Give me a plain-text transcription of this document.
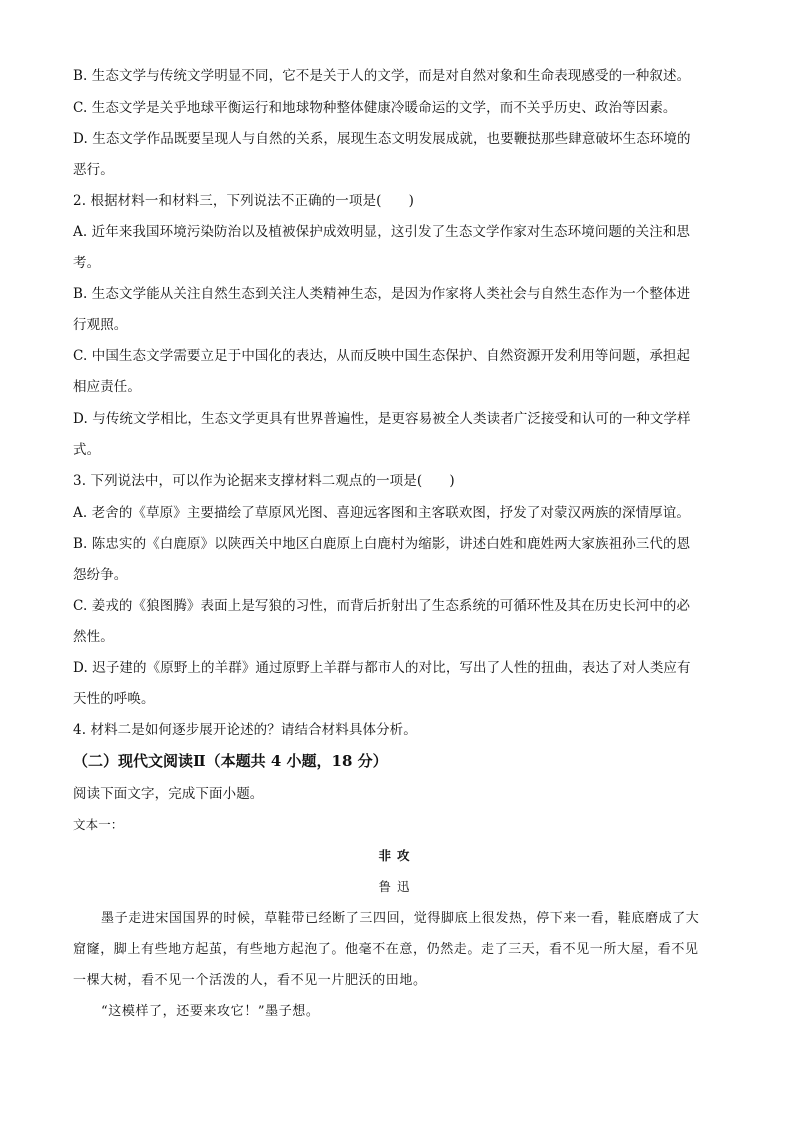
B. 生态文学与传统文学明显不同，它不是关于人的文学，而是对自然对象和生命表现感受的一种叙述。
C. 生态文学是关乎地球平衡运行和地球物种整体健康冷暖命运的文学，而不关乎历史、政治等因素。
D. 生态文学作品既要呈现人与自然的关系，展现生态文明发展成就，也要鞭挞那些肆意破坏生态环境的
恶行。
2. 根据材料一和材料三，下列说法不正确的一项是(　　)
A. 近年来我国环境污染防治以及植被保护成效明显，这引发了生态文学作家对生态环境问题的关注和思
考。
B. 生态文学能从关注自然生态到关注人类精神生态，是因为作家将人类社会与自然生态作为一个整体进
行观照。
C. 中国生态文学需要立足于中国化的表达，从而反映中国生态保护、自然资源开发利用等问题，承担起
相应责任。
D. 与传统文学相比，生态文学更具有世界普遍性，是更容易被全人类读者广泛接受和认可的一种文学样
式。
3. 下列说法中，可以作为论据来支撑材料二观点的一项是(　　)
A. 老舍的《草原》主要描绘了草原风光图、喜迎远客图和主客联欢图，抒发了对蒙汉两族的深情厚谊。
B. 陈忠实的《白鹿原》以陕西关中地区白鹿原上白鹿村为缩影，讲述白姓和鹿姓两大家族祖孙三代的恩
怨纷争。
C. 姜戎的《狼图腾》表面上是写狼的习性，而背后折射出了生态系统的可循环性及其在历史长河中的必
然性。
D. 迟子建的《原野上的羊群》通过原野上羊群与都市人的对比，写出了人性的扭曲，表达了对人类应有
天性的呼唤。
4. 材料二是如何逐步展开论述的？请结合材料具体分析。
（二）现代文阅读Ⅱ（本题共 4 小题，18 分）
阅读下面文字，完成下面小题。
文本一：
非攻
鲁迅
墨子走进宋国国界的时候，草鞋带已经断了三四回，觉得脚底上很发热，停下来一看，鞋底磨成了大
窟窿，脚上有些地方起茧，有些地方起泡了。他毫不在意，仍然走。走了三天，看不见一所大屋，看不见
一棵大树，看不见一个活泼的人，看不见一片肥沃的田地。
“这模样了，还要来攻它！”墨子想。
